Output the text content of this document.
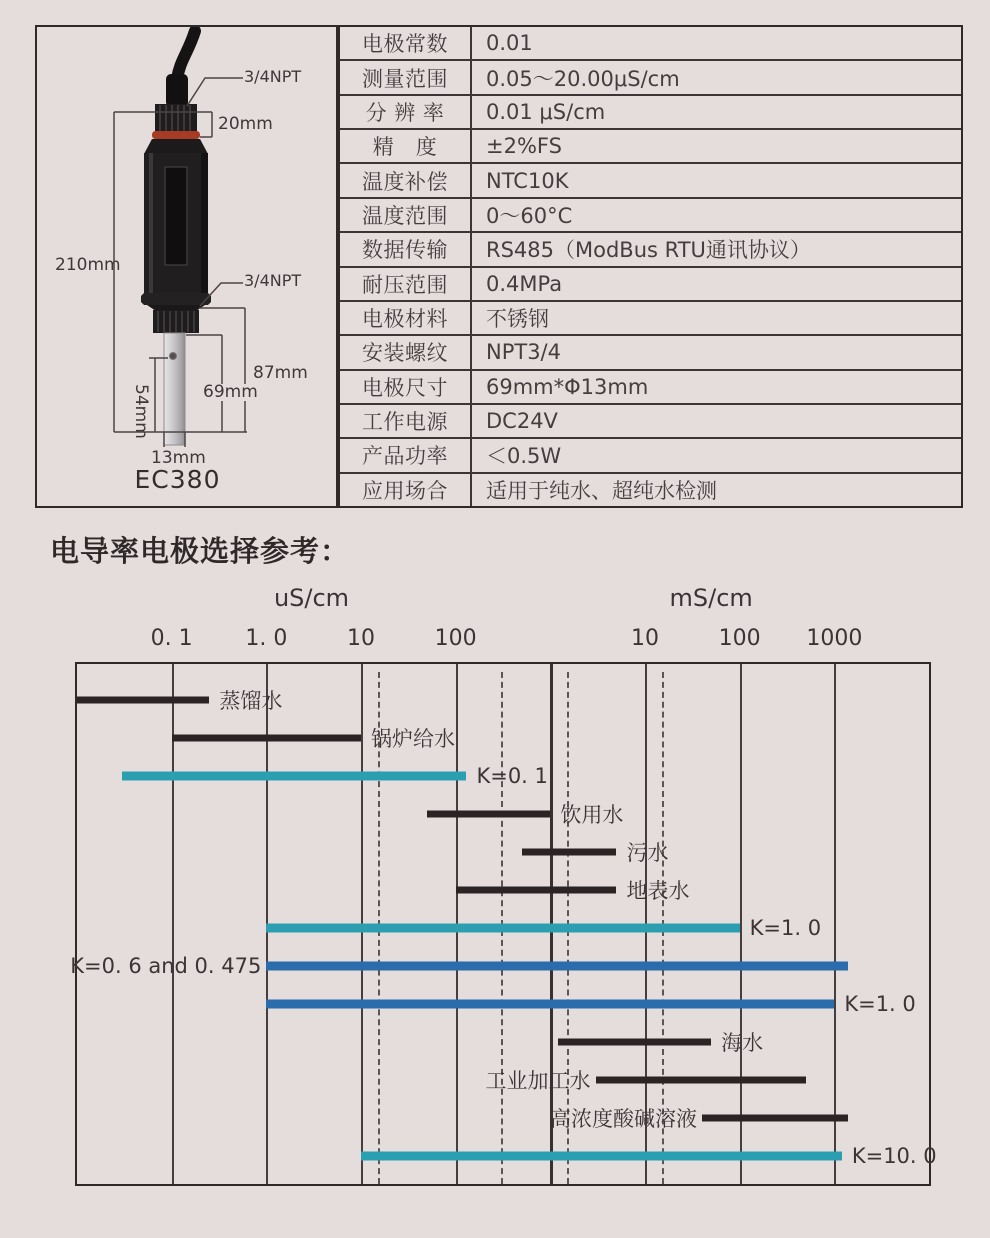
3/4NPT
20mm
210mm
3/4NPT
87mm
69mm
54mm
13mm
EC380
电极常数	0.01
测量范围	0.05～20.00μS/cm
分 辨 率	0.01 μS/cm
精   度	±2%FS
温度补偿	NTC10K
温度范围	0～60°C
数据传输	RS485（ModBus RTU通讯协议）
耐压范围	0.4MPa
电极材料	不锈钢
安装螺纹	NPT3/4
电极尺寸	69mm*Φ13mm
工作电源	DC24V
产品功率	＜0.5W
应用场合	适用于纯水、超纯水检测
电导率电极选择参考：
uS/cm	mS/cm
0. 1 1. 0	10	100	10	100 1000
蒸馏水
锅炉给水
K=0. 1
饮用水
污水
地表水
K=1. 0
K=0. 6 and 0. 475
K=1. 0
海水
工业加工水
高浓度酸碱溶液
K=10. 0
